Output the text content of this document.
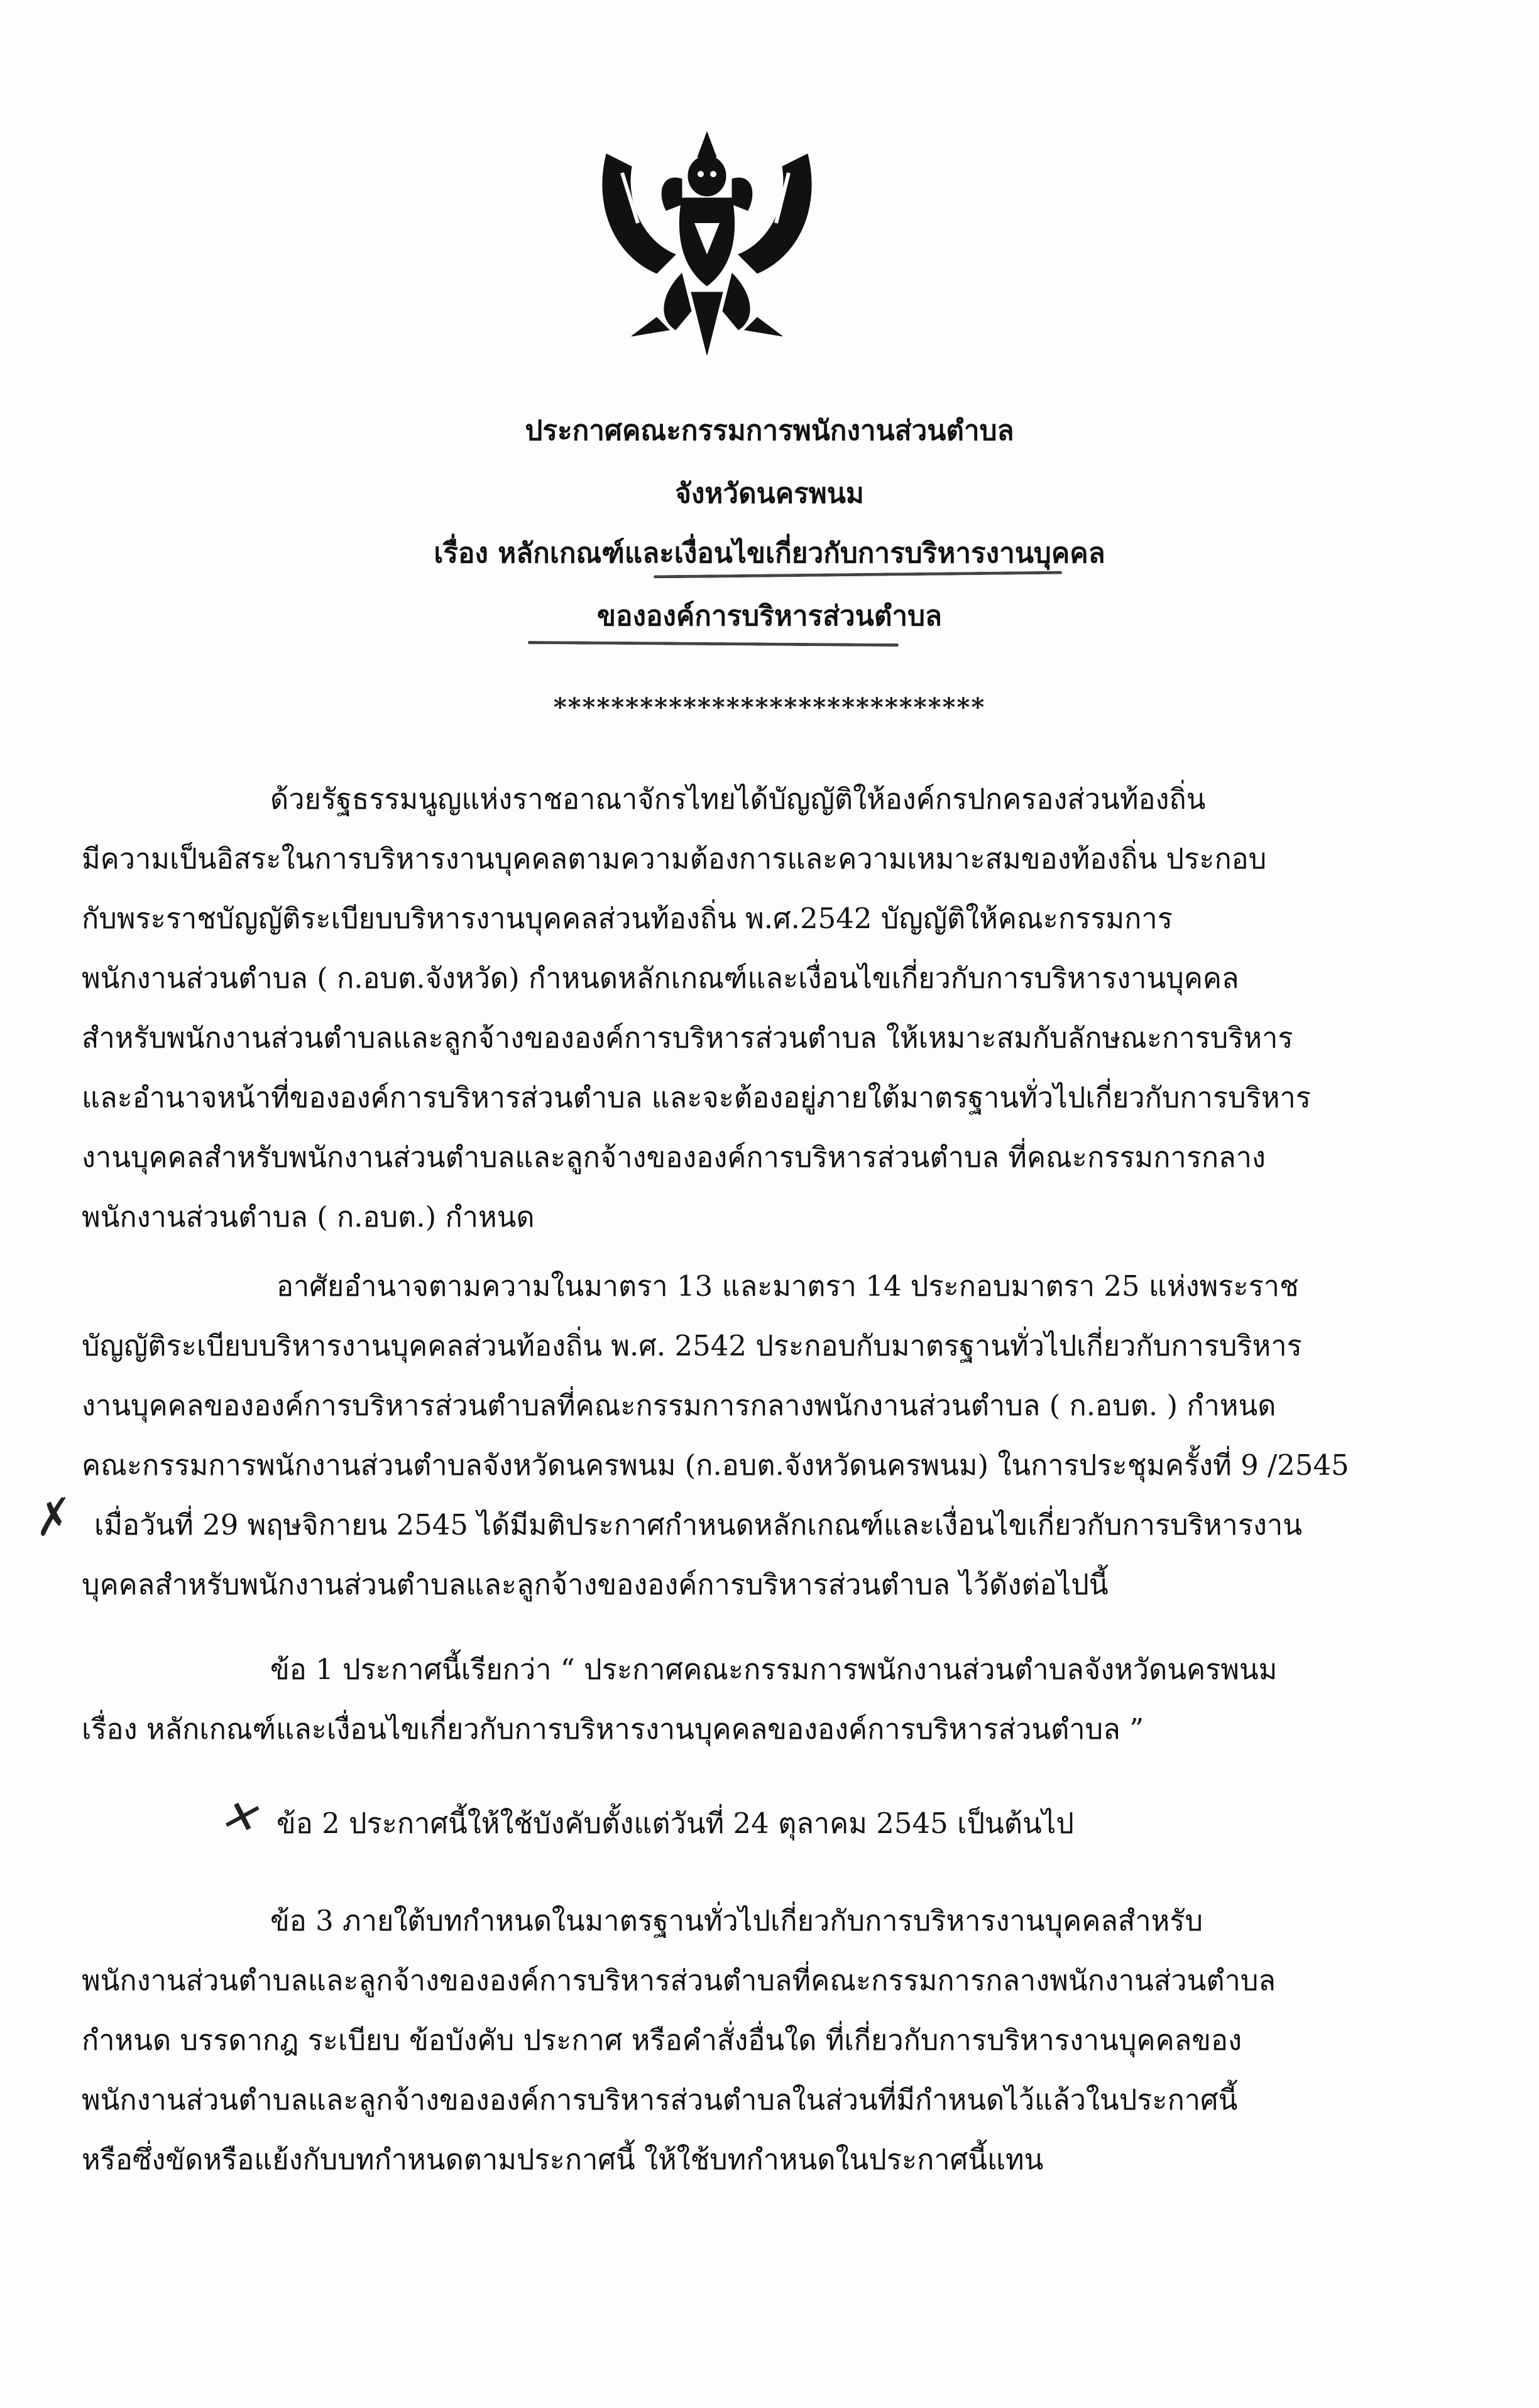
ประกาศคณะกรรมการพนักงานส่วนตำบล
จังหวัดนครพนม
เรื่อง หลักเกณฑ์และเงื่อนไขเกี่ยวกับการบริหารงานบุคคล
ขององค์การบริหารส่วนตำบล
******************************
ด้วยรัฐธรรมนูญแห่งราชอาณาจักรไทยได้บัญญัติให้องค์กรปกครองส่วนท้องถิ่น
มีความเป็นอิสระในการบริหารงานบุคคลตามความต้องการและความเหมาะสมของท้องถิ่น ประกอบ
กับพระราชบัญญัติระเบียบบริหารงานบุคคลส่วนท้องถิ่น พ.ศ.2542 บัญญัติให้คณะกรรมการ
พนักงานส่วนตำบล ( ก.อบต.จังหวัด) กำหนดหลักเกณฑ์และเงื่อนไขเกี่ยวกับการบริหารงานบุคคล
สำหรับพนักงานส่วนตำบลและลูกจ้างขององค์การบริหารส่วนตำบล ให้เหมาะสมกับลักษณะการบริหาร
และอำนาจหน้าที่ขององค์การบริหารส่วนตำบล และจะต้องอยู่ภายใต้มาตรฐานทั่วไปเกี่ยวกับการบริหาร
งานบุคคลสำหรับพนักงานส่วนตำบลและลูกจ้างขององค์การบริหารส่วนตำบล ที่คณะกรรมการกลาง
พนักงานส่วนตำบล ( ก.อบต.) กำหนด
อาศัยอำนาจตามความในมาตรา 13 และมาตรา 14 ประกอบมาตรา 25 แห่งพระราช
บัญญัติระเบียบบริหารงานบุคคลส่วนท้องถิ่น พ.ศ. 2542 ประกอบกับมาตรฐานทั่วไปเกี่ยวกับการบริหาร
งานบุคคลขององค์การบริหารส่วนตำบลที่คณะกรรมการกลางพนักงานส่วนตำบล ( ก.อบต. ) กำหนด
คณะกรรมการพนักงานส่วนตำบลจังหวัดนครพนม (ก.อบต.จังหวัดนครพนม) ในการประชุมครั้งที่ 9 /2545
✗ เมื่อวันที่ 29 พฤษจิกายน 2545 ได้มีมติประกาศกำหนดหลักเกณฑ์และเงื่อนไขเกี่ยวกับการบริหารงาน
บุคคลสำหรับพนักงานส่วนตำบลและลูกจ้างขององค์การบริหารส่วนตำบล ไว้ดังต่อไปนี้
ข้อ 1 ประกาศนี้เรียกว่า “ ประกาศคณะกรรมการพนักงานส่วนตำบลจังหวัดนครพนม
เรื่อง หลักเกณฑ์และเงื่อนไขเกี่ยวกับการบริหารงานบุคคลขององค์การบริหารส่วนตำบล ”
✕ ข้อ 2 ประกาศนี้ให้ใช้บังคับตั้งแต่วันที่ 24 ตุลาคม 2545 เป็นต้นไป
ข้อ 3 ภายใต้บทกำหนดในมาตรฐานทั่วไปเกี่ยวกับการบริหารงานบุคคลสำหรับ
พนักงานส่วนตำบลและลูกจ้างขององค์การบริหารส่วนตำบลที่คณะกรรมการกลางพนักงานส่วนตำบล
กำหนด บรรดากฎ ระเบียบ ข้อบังคับ ประกาศ หรือคำสั่งอื่นใด ที่เกี่ยวกับการบริหารงานบุคคลของ
พนักงานส่วนตำบลและลูกจ้างขององค์การบริหารส่วนตำบลในส่วนที่มีกำหนดไว้แล้วในประกาศนี้
หรือซึ่งขัดหรือแย้งกับบทกำหนดตามประกาศนี้ ให้ใช้บทกำหนดในประกาศนี้แทน
